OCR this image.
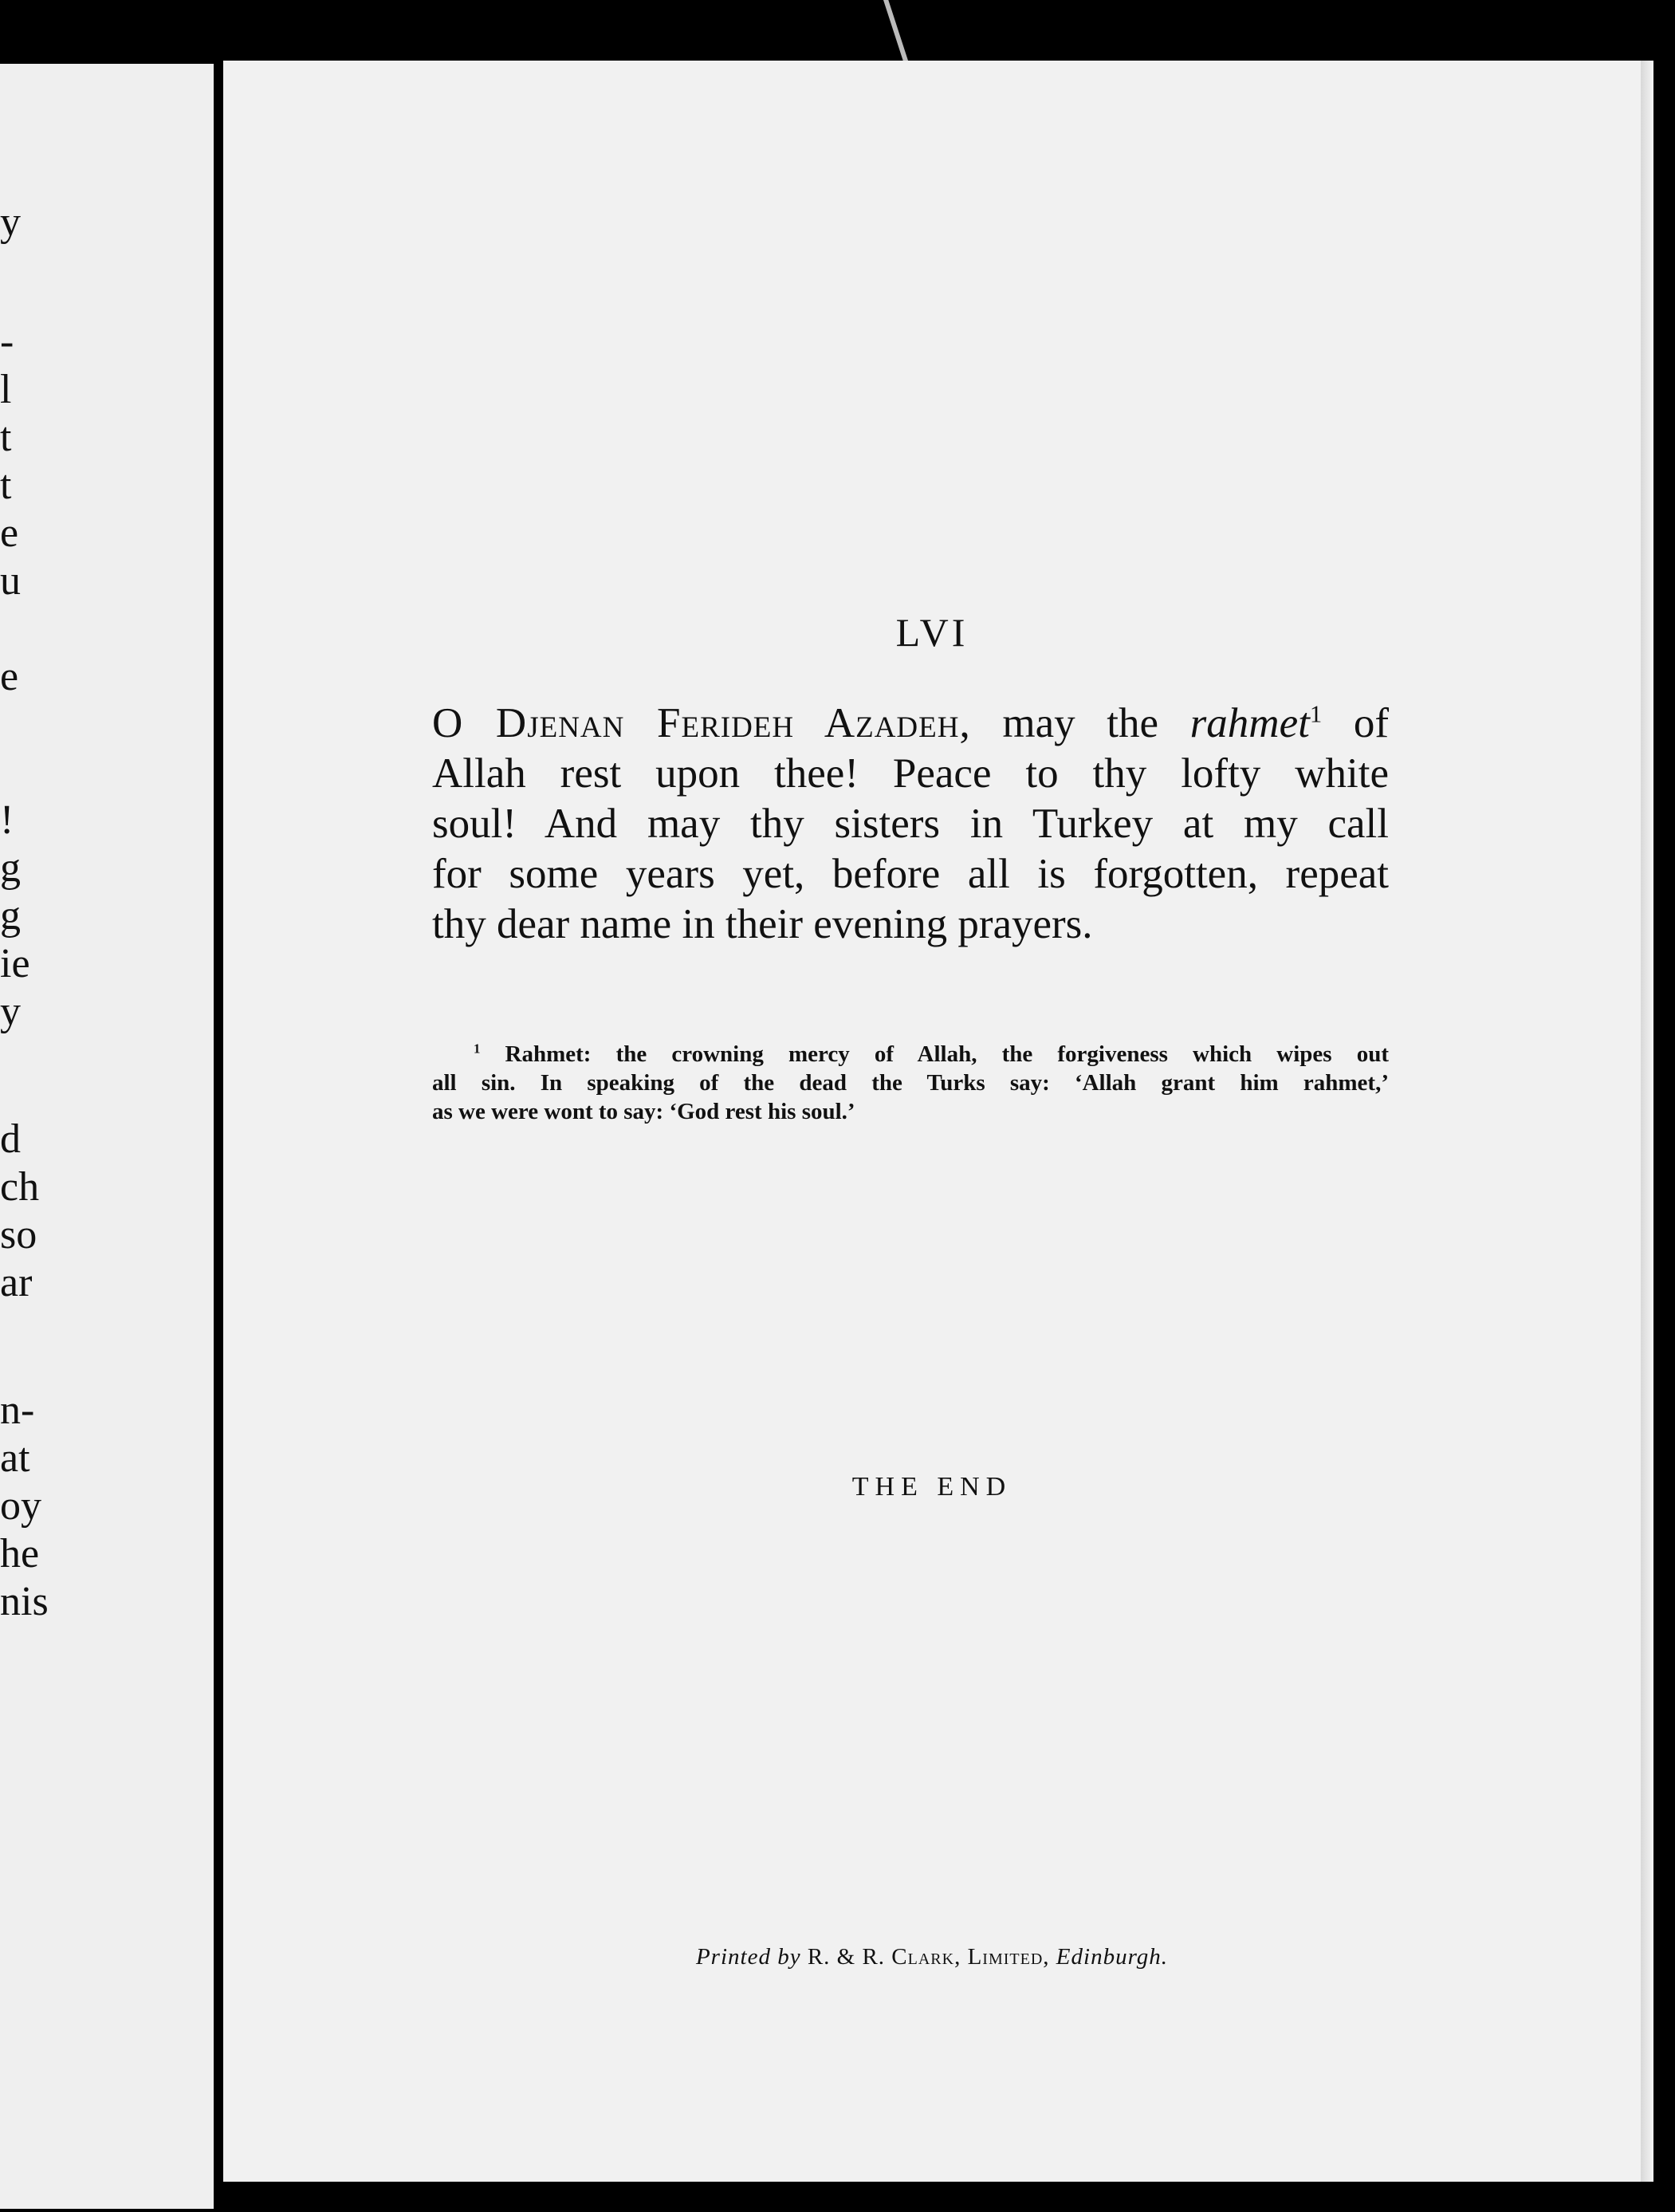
y
-
l
t
t
e
u
e
!
g
g
ie
y
d
ch
so
ar
n-
at
oy
he
nis
LVI
O Djenan Ferideh Azadeh, may the rahmet$^1$ of
Allah rest upon thee! Peace to thy lofty white
soul! And may thy sisters in Turkey at my call
for some years yet, before all is forgotten, repeat
thy dear name in their evening prayers.
$^1$ Rahmet: the crowning mercy of Allah, the forgiveness which wipes out
all sin. In speaking of the dead the Turks say: ‘Allah grant him rahmet,’
as we were wont to say: ‘God rest his soul.’
THE END
Printed by R. & R. Clark, Limited, Edinburgh.
